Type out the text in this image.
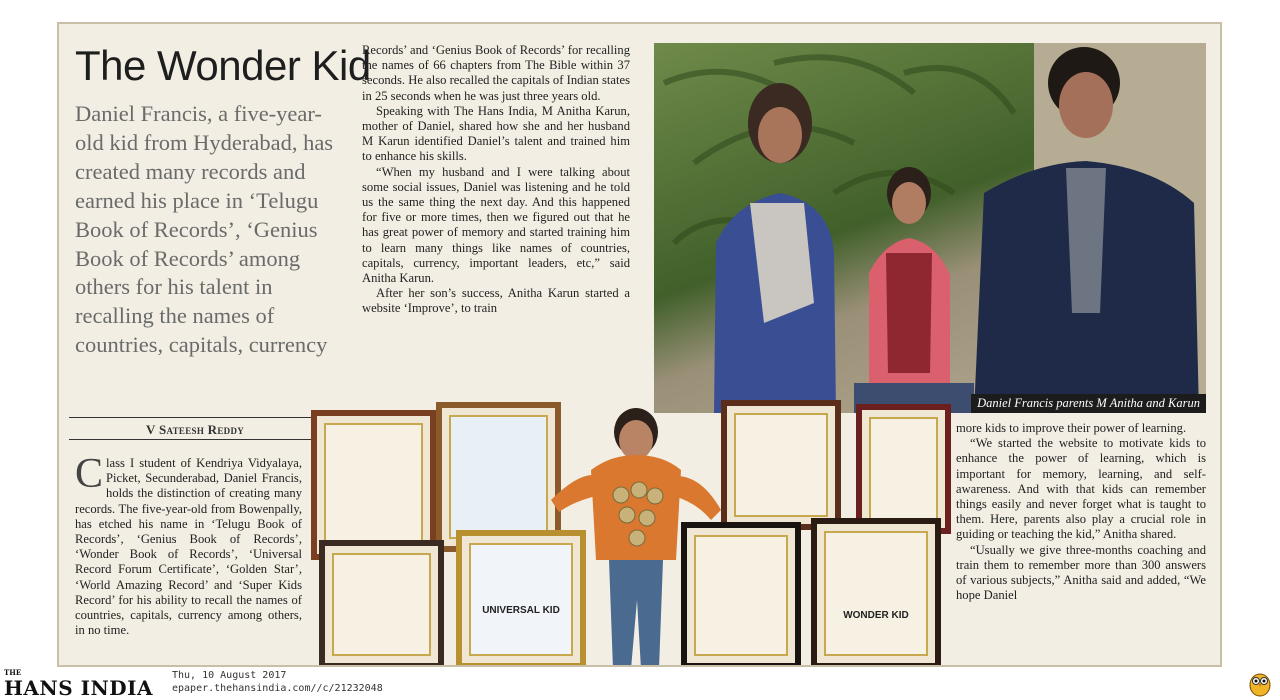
The Wonder Kid

Daniel Francis, a five-year-old kid from Hyderabad, has created many records and earned his place in ‘Telugu Book of Records’, ‘Genius Book of Records’ among others for his talent in recalling the names of countries, capitals, currency

V Sateesh Reddy

Class I student of Kendriya Vidyalaya, Picket, Secunderabad, Daniel Francis, holds the distinction of creating many records. The five-year-old from Bowenpally, has etched his name in ‘Telugu Book of Records’, ‘Genius Book of Records’, ‘Wonder Book of Records’, ‘Universal Record Forum Certificate’, ‘Golden Star’, ‘World Amazing Record’ and ‘Super Kids Record’ for his ability to recall the names of countries, capitals, currency among others, in no time.

Records’ and ‘Genius Book of Records’ for recalling the names of 66 chapters from The Bible within 37 seconds. He also recalled the capitals of Indian states in 25 seconds when he was just three years old.

Speaking with The Hans India, M Anitha Karun, mother of Daniel, shared how she and her husband M Karun identified Daniel’s talent and trained him to enhance his skills.

“When my husband and I were talking about some social issues, Daniel was listening and he told us the same thing the next day. And this happened for five or more times, then we figured out that he has great power of memory and started training him to learn many things like names of countries, capitals, currency, important leaders, etc,” said Anitha Karun.

After her son’s success, Anitha Karun started a website ‘Improve’, to train

Daniel Francis parents M Anitha and Karun
UNIVERSAL KID	WONDER KID

more kids to improve their power of learning.

“We started the website to motivate kids to enhance the power of learning, which is important for memory, learning, and self-awareness. And with that kids can remember things easily and never forget what is taught to them. Here, parents also play a crucial role in guiding or teaching the kid,” Anitha shared.

“Usually we give three-months coaching and train them to remember more than 300 answers of various subjects,” Anitha said and added, “We hope Daniel

THE
HANS INDIA
Thu, 10 August 2017
epaper.thehansindia.com//c/21232048
